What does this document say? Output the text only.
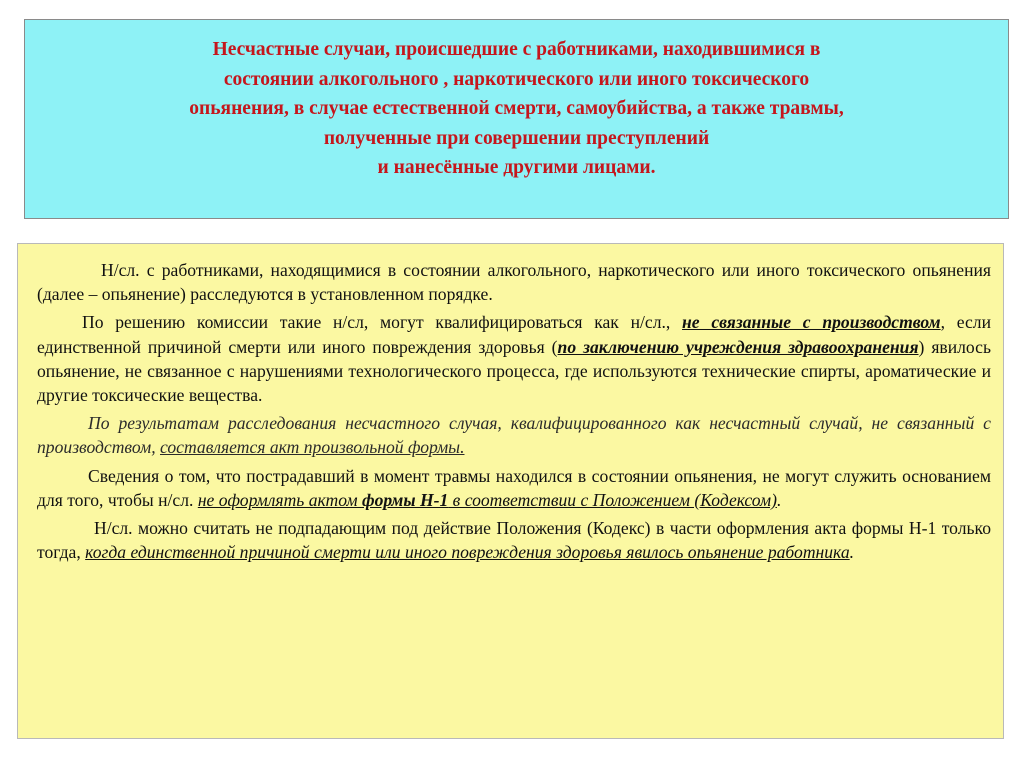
Несчастные случаи, происшедшие с работниками, находившимися в
состоянии алкогольного , наркотического или иного токсического
опьянения, в случае естественной смерти, самоубийства, а также травмы,
полученные при совершении преступлений
и нанесённые другими лицами.

Н/сл. с работниками, находящимися в состоянии алкогольного, наркотического или иного токсического опьянения (далее – опьянение) расследуются в установленном порядке.

По решению комиссии такие н/сл, могут квалифицироваться как н/сл., не связанные с производством, если единственной причиной смерти или иного повреждения здоровья (по заключению учреждения здравоохранения) явилось опьянение, не связанное с нарушениями технологического процесса, где используются технические спирты, ароматические и другие токсические вещества.

По результатам расследования несчастного случая, квалифицированного как несчастный случай, не связанный с производством, составляется акт произвольной формы.

Сведения о том, что пострадавший в момент травмы находился в состоянии опьянения, не могут служить основанием для того, чтобы н/сл. не оформлять актом формы Н-1 в соответствии с Положением (Кодексом).

Н/сл. можно считать не подпадающим под действие Положения (Кодекс) в части оформления акта формы Н-1 только тогда, когда единственной причиной смерти или иного повреждения здоровья явилось опьянение работника.
